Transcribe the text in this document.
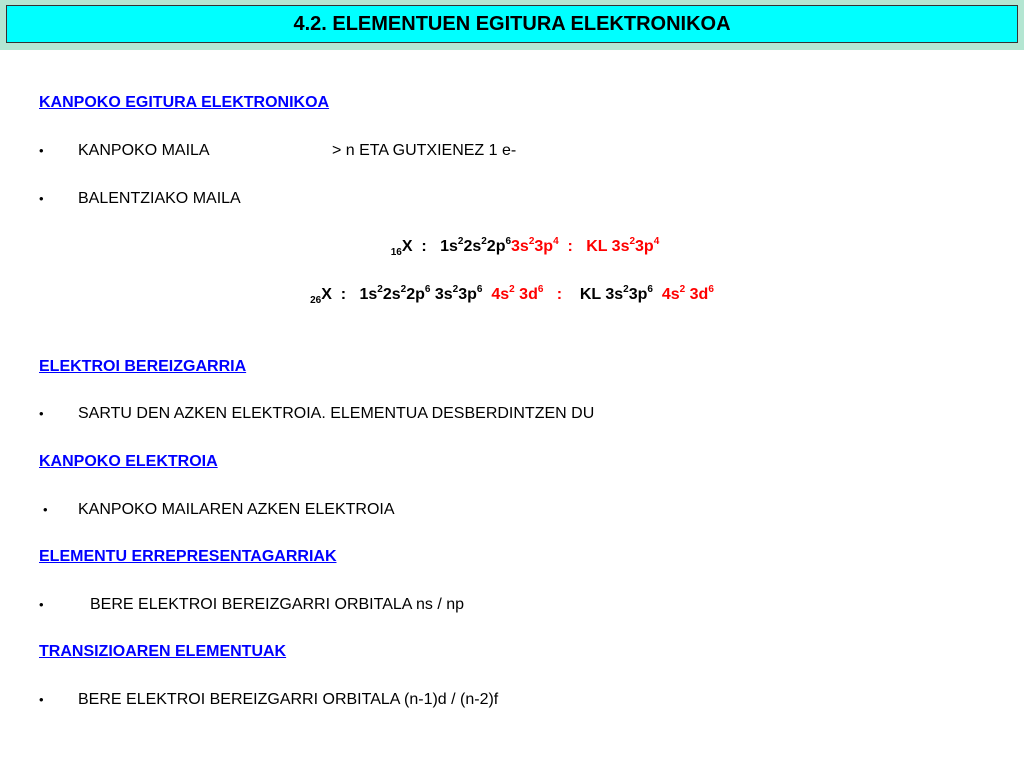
4.2. ELEMENTUEN EGITURA ELEKTRONIKOA
KANPOKO EGITURA ELEKTRONIKOA
• KANPOKO MAILA	> n ETA GUTXIENEZ 1 e-
• BALENTZIAKO MAILA
$_{16}$X : $1s^22s^22p^63s^23p^4$ : KL $3s^23p^4$
$_{26}$X : $1s^22s^22p^6$ $3s^23p^6$ $4s^2$ $3d^6$ : KL $3s^23p^6$ $4s^2$ $3d^6$
ELEKTROI BEREIZGARRIA
• SARTU DEN AZKEN ELEKTROIA. ELEMENTUA DESBERDINTZEN DU
KANPOKO ELEKTROIA
• KANPOKO MAILAREN AZKEN ELEKTROIA
ELEMENTU ERREPRESENTAGARRIAK
•	BERE ELEKTROI BEREIZGARRI ORBITALA ns / np
TRANSIZIOAREN ELEMENTUAK
• BERE ELEKTROI BEREIZGARRI ORBITALA (n-1)d / (n-2)f
